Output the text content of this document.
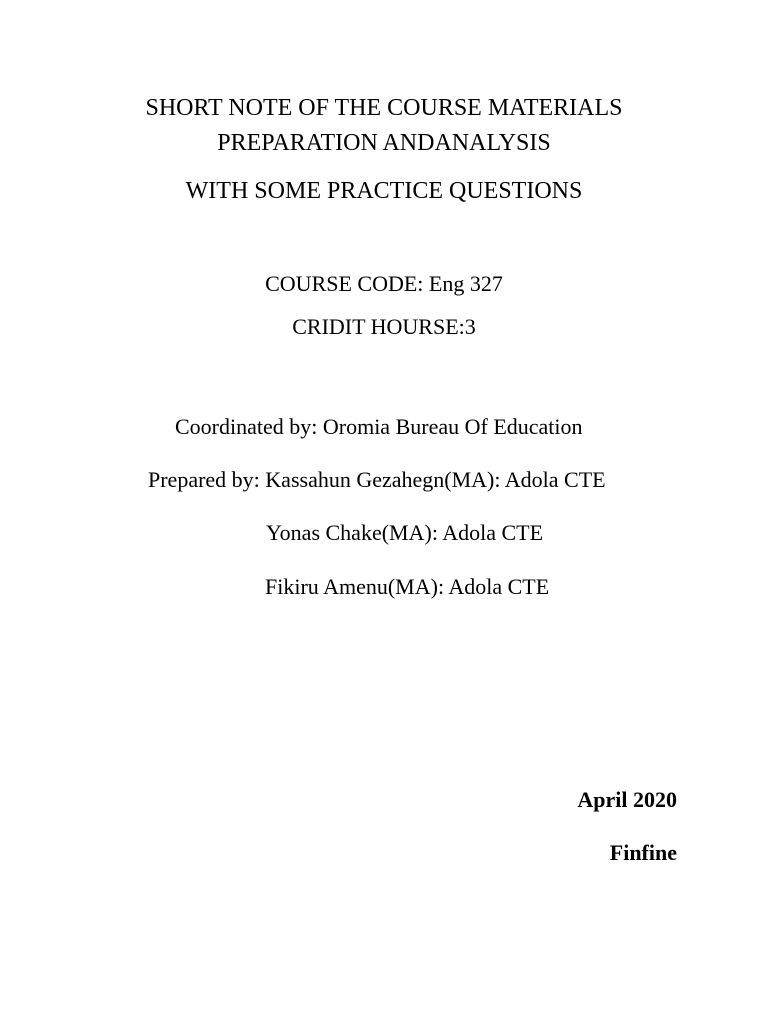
SHORT NOTE OF THE COURSE MATERIALS
PREPARATION ANDANALYSIS
WITH SOME PRACTICE QUESTIONS
COURSE CODE: Eng 327
CRIDIT HOURSE:3
Coordinated by: Oromia Bureau Of Education
Prepared by: Kassahun Gezahegn(MA): Adola CTE
Yonas Chake(MA): Adola CTE
Fikiru Amenu(MA): Adola CTE
April 2020
Finfine
